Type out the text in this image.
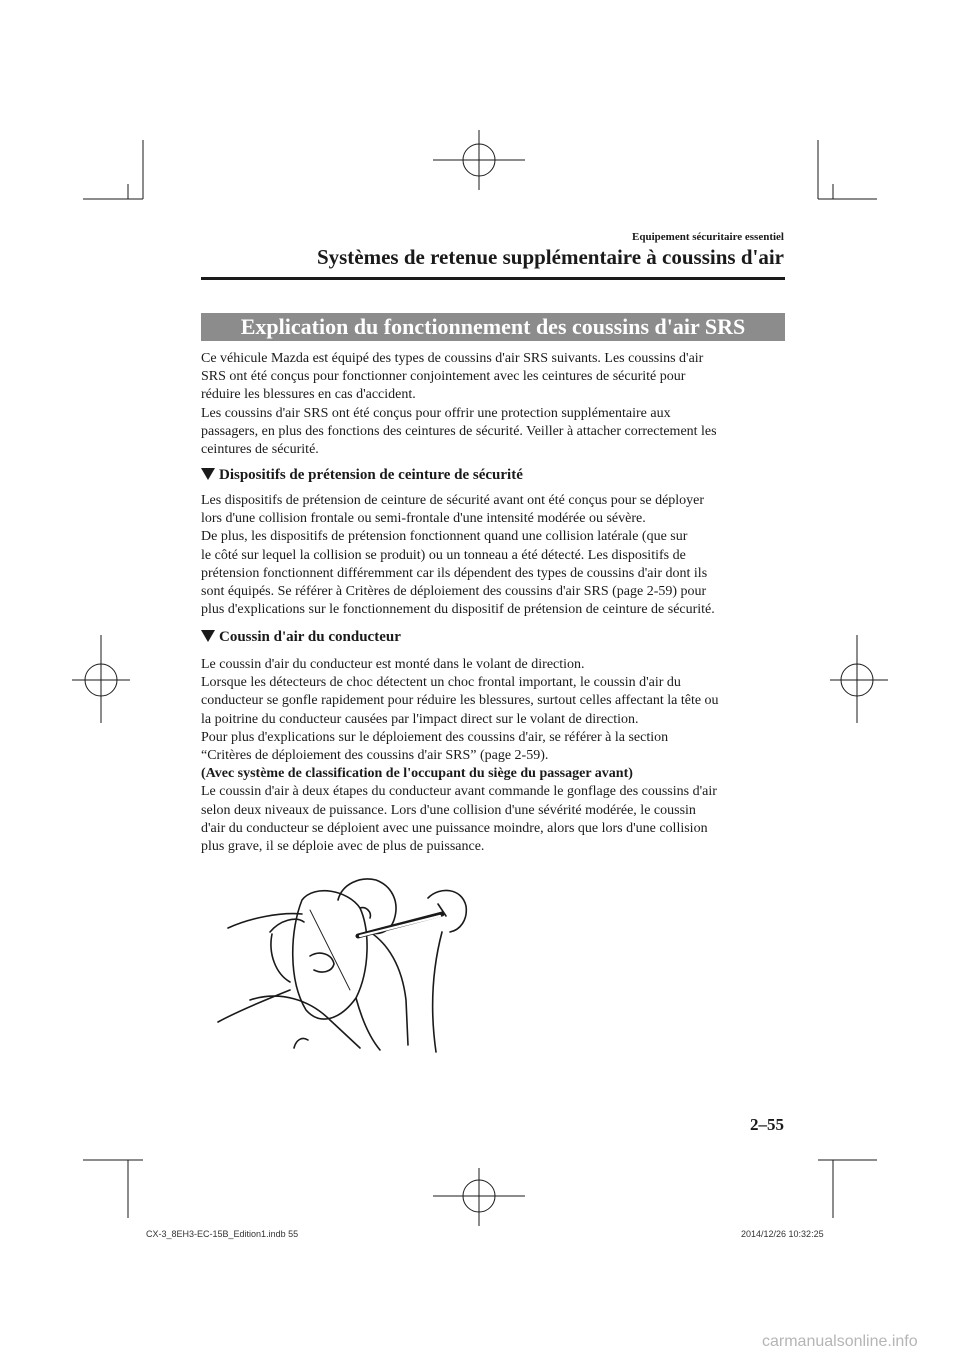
Equipement sécuritaire essentiel
Systèmes de retenue supplémentaire à coussins d'air
Explication du fonctionnement des coussins d'air SRS
Ce véhicule Mazda est équipé des types de coussins d'air SRS suivants. Les coussins d'air
SRS ont été conçus pour fonctionner conjointement avec les ceintures de sécurité pour
réduire les blessures en cas d'accident.
Les coussins d'air SRS ont été conçus pour offrir une protection supplémentaire aux
passagers, en plus des fonctions des ceintures de sécurité. Veiller à attacher correctement les
ceintures de sécurité.
Dispositifs de prétension de ceinture de sécurité
Les dispositifs de prétension de ceinture de sécurité avant ont été conçus pour se déployer
lors d'une collision frontale ou semi-frontale d'une intensité modérée ou sévère.
De plus, les dispositifs de prétension fonctionnent quand une collision latérale (que sur
le côté sur lequel la collision se produit) ou un tonneau a été détecté. Les dispositifs de
prétension fonctionnent différemment car ils dépendent des types de coussins d'air dont ils
sont équipés. Se référer à Critères de déploiement des coussins d'air SRS (page 2-59) pour
plus d'explications sur le fonctionnement du dispositif de prétension de ceinture de sécurité.
Coussin d'air du conducteur
Le coussin d'air du conducteur est monté dans le volant de direction.
Lorsque les détecteurs de choc détectent un choc frontal important, le coussin d'air du
conducteur se gonfle rapidement pour réduire les blessures, surtout celles affectant la tête ou
la poitrine du conducteur causées par l'impact direct sur le volant de direction.
Pour plus d'explications sur le déploiement des coussins d'air, se référer à la section
“Critères de déploiement des coussins d'air SRS” (page 2-59).
(Avec système de classification de l'occupant du siège du passager avant)
Le coussin d'air à deux étapes du conducteur avant commande le gonflage des coussins d'air
selon deux niveaux de puissance. Lors d'une collision d'une sévérité modérée, le coussin
d'air du conducteur se déploient avec une puissance moindre, alors que lors d'une collision
plus grave, il se déploie avec de plus de puissance.
2–55
CX-3_8EH3-EC-15B_Edition1.indb 55	2014/12/26 10:32:25
carmanualsonline.info
